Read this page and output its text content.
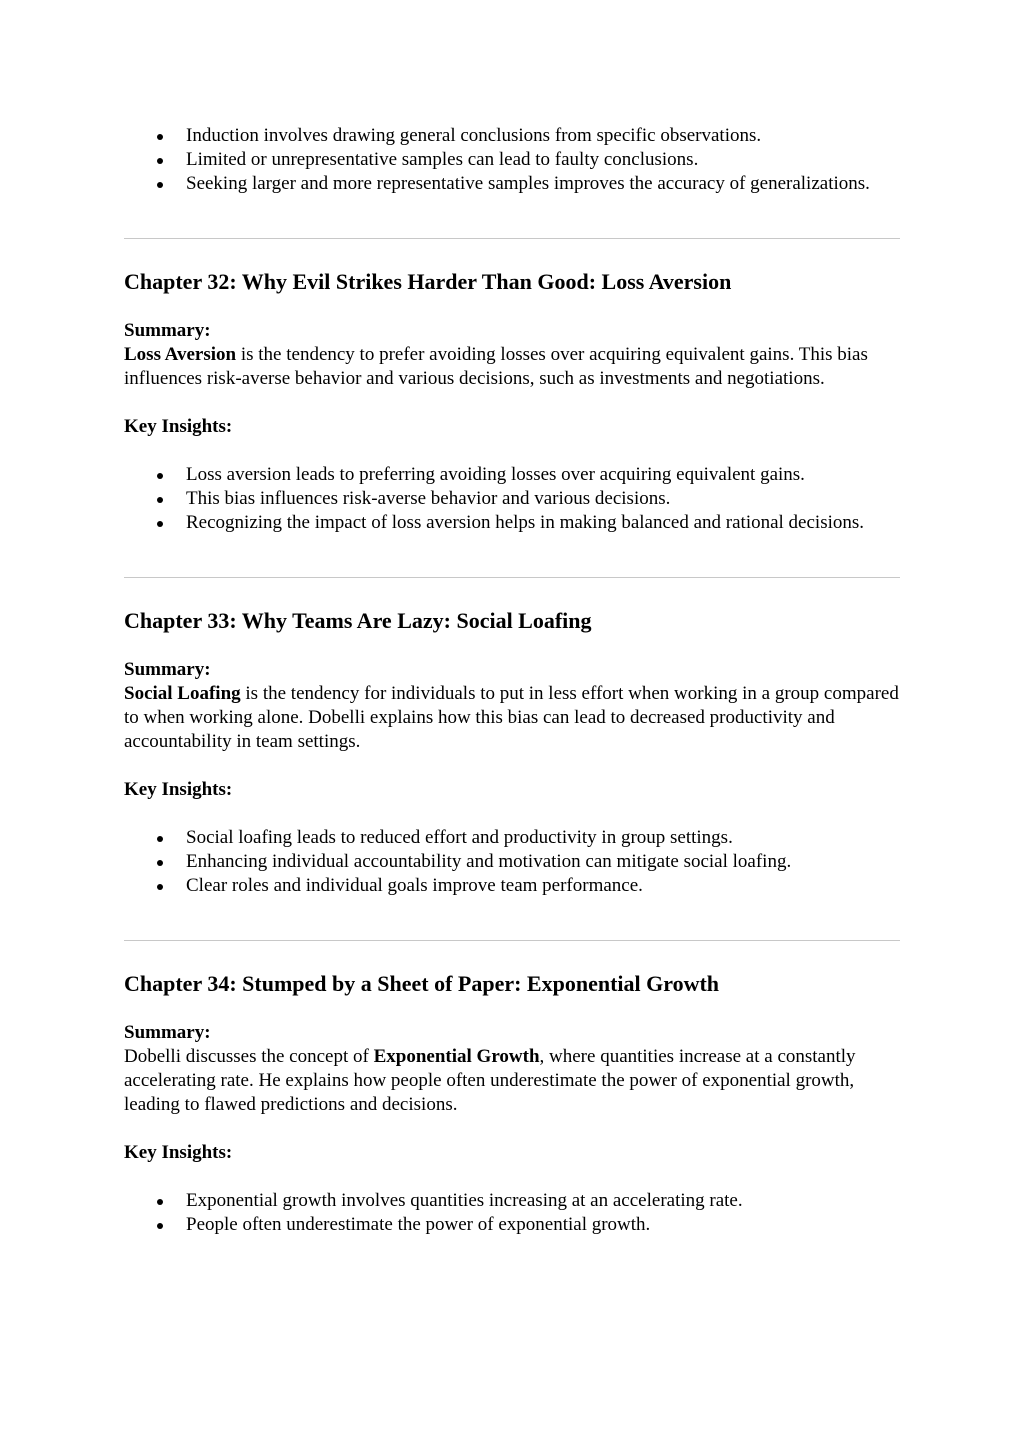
Induction involves drawing general conclusions from specific observations.
Limited or unrepresentative samples can lead to faulty conclusions.
Seeking larger and more representative samples improves the accuracy of generalizations.
Chapter 32: Why Evil Strikes Harder Than Good: Loss Aversion

Summary:

Loss Aversion is the tendency to prefer avoiding losses over acquiring equivalent gains. This bias influences risk-averse behavior and various decisions, such as investments and negotiations.

Key Insights:

Loss aversion leads to preferring avoiding losses over acquiring equivalent gains.
This bias influences risk-averse behavior and various decisions.
Recognizing the impact of loss aversion helps in making balanced and rational decisions.
Chapter 33: Why Teams Are Lazy: Social Loafing

Summary:

Social Loafing is the tendency for individuals to put in less effort when working in a group compared to when working alone. Dobelli explains how this bias can lead to decreased productivity and accountability in team settings.

Key Insights:

Social loafing leads to reduced effort and productivity in group settings.
Enhancing individual accountability and motivation can mitigate social loafing.
Clear roles and individual goals improve team performance.
Chapter 34: Stumped by a Sheet of Paper: Exponential Growth

Summary:

Dobelli discusses the concept of Exponential Growth, where quantities increase at a constantly accelerating rate. He explains how people often underestimate the power of exponential growth, leading to flawed predictions and decisions.

Key Insights:

Exponential growth involves quantities increasing at an accelerating rate.
People often underestimate the power of exponential growth.
